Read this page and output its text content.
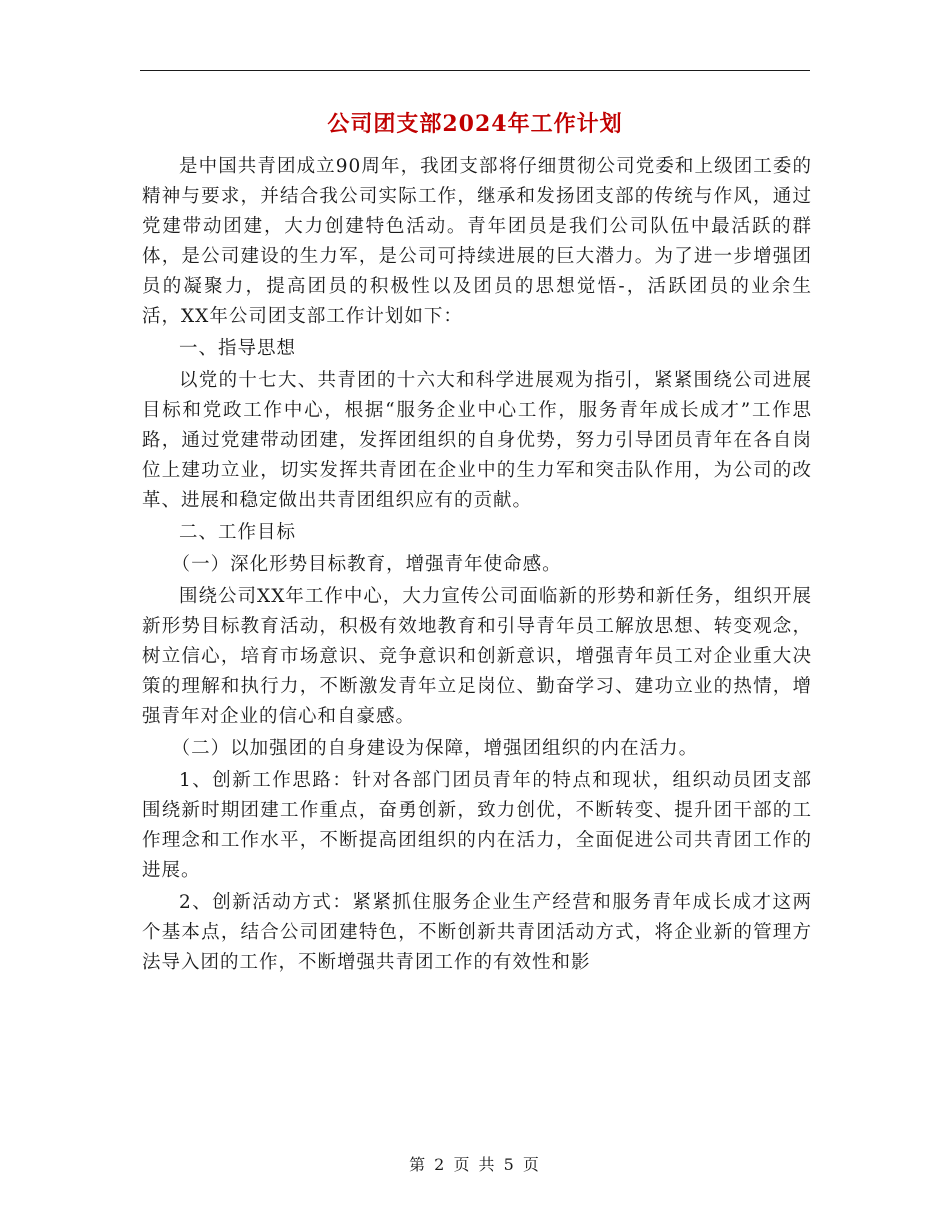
公司团支部2024年工作计划

是中国共青团成立90周年，我团支部将仔细贯彻公司党委和上级团工委的精神与要求，并结合我公司实际工作，继承和发扬团支部的传统与作风，通过党建带动团建，大力创建特色活动。青年团员是我们公司队伍中最活跃的群体，是公司建设的生力军，是公司可持续进展的巨大潜力。为了进一步增强团员的凝聚力，提高团员的积极性以及团员的思想觉悟-，活跃团员的业余生活，XX年公司团支部工作计划如下：

一、指导思想

以党的十七大、共青团的十六大和科学进展观为指引，紧紧围绕公司进展目标和党政工作中心，根据“服务企业中心工作，服务青年成长成才”工作思路，通过党建带动团建，发挥团组织的自身优势，努力引导团员青年在各自岗位上建功立业，切实发挥共青团在企业中的生力军和突击队作用，为公司的改革、进展和稳定做出共青团组织应有的贡献。

二、工作目标

（一）深化形势目标教育，增强青年使命感。

围绕公司XX年工作中心，大力宣传公司面临新的形势和新任务，组织开展新形势目标教育活动，积极有效地教育和引导青年员工解放思想、转变观念，树立信心，培育市场意识、竞争意识和创新意识，增强青年员工对企业重大决策的理解和执行力，不断激发青年立足岗位、勤奋学习、建功立业的热情，增强青年对企业的信心和自豪感。

（二）以加强团的自身建设为保障，增强团组织的内在活力。

1、创新工作思路：针对各部门团员青年的特点和现状，组织动员团支部围绕新时期团建工作重点，奋勇创新，致力创优，不断转变、提升团干部的工作理念和工作水平，不断提高团组织的内在活力，全面促进公司共青团工作的进展。

2、创新活动方式：紧紧抓住服务企业生产经营和服务青年成长成才这两个基本点，结合公司团建特色，不断创新共青团活动方式，将企业新的管理方法导入团的工作，不断增强共青团工作的有效性和影

第 2 页 共 5 页
